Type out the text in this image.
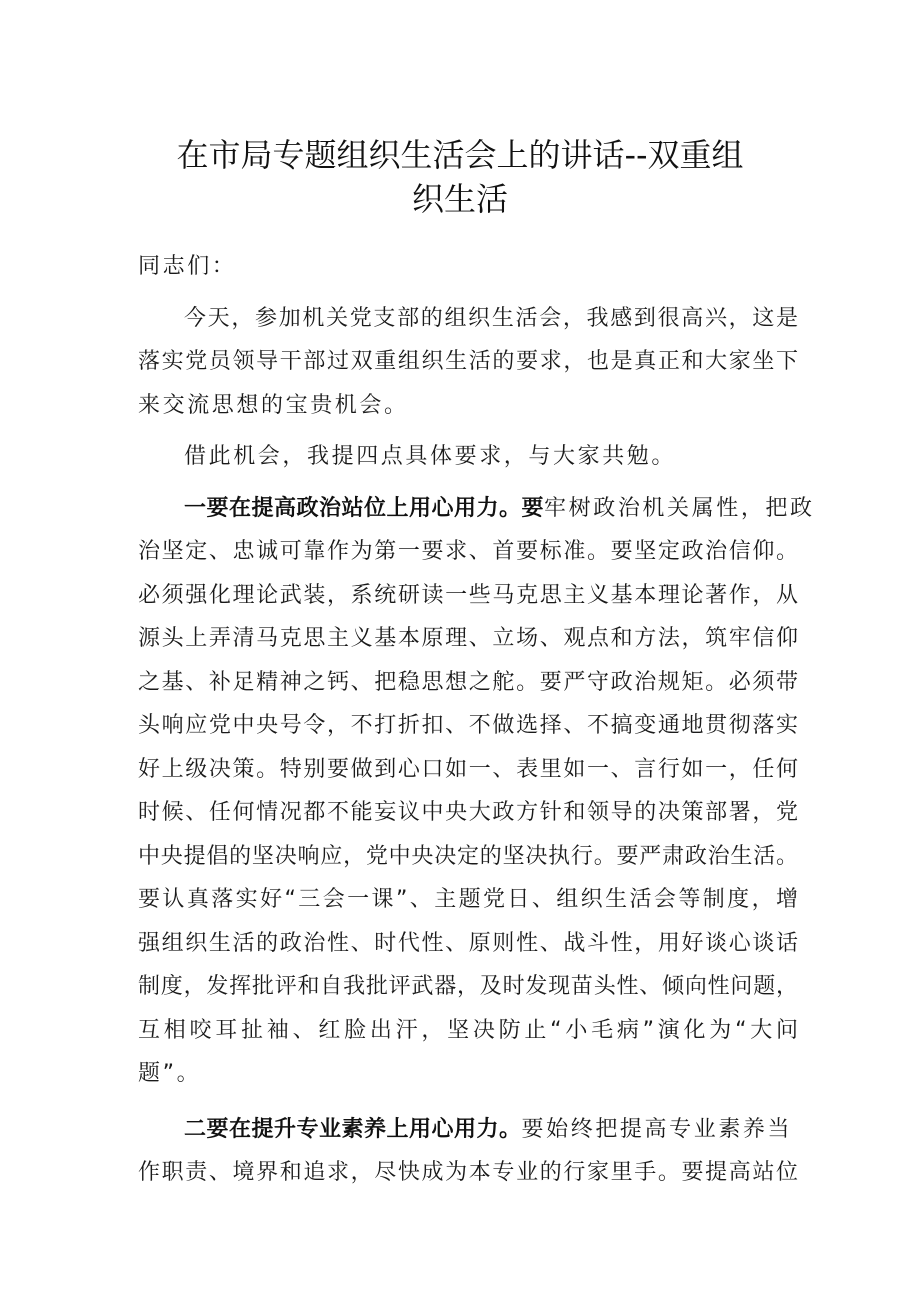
在市局专题组织生活会上的讲话--双重组
织生活
同志们：
今天，参加机关党支部的组织生活会，我感到很高兴，这是
落实党员领导干部过双重组织生活的要求，也是真正和大家坐下
来交流思想的宝贵机会。
借此机会，我提四点具体要求，与大家共勉。
一要在提高政治站位上用心用力。要牢树政治机关属性，把政
治坚定、忠诚可靠作为第一要求、首要标准。要坚定政治信仰。
必须强化理论武装，系统研读一些马克思主义基本理论著作，从
源头上弄清马克思主义基本原理、立场、观点和方法，筑牢信仰
之基、补足精神之钙、把稳思想之舵。要严守政治规矩。必须带
头响应党中央号令，不打折扣、不做选择、不搞变通地贯彻落实
好上级决策。特别要做到心口如一、表里如一、言行如一，任何
时候、任何情况都不能妄议中央大政方针和领导的决策部署，党
中央提倡的坚决响应，党中央决定的坚决执行。要严肃政治生活。
要认真落实好“三会一课”、主题党日、组织生活会等制度，增
强组织生活的政治性、时代性、原则性、战斗性，用好谈心谈话
制度，发挥批评和自我批评武器，及时发现苗头性、倾向性问题，
互相咬耳扯袖、红脸出汗，坚决防止“小毛病”演化为“大问
题”。
二要在提升专业素养上用心用力。要始终把提高专业素养当
作职责、境界和追求，尽快成为本专业的行家里手。要提高站位
